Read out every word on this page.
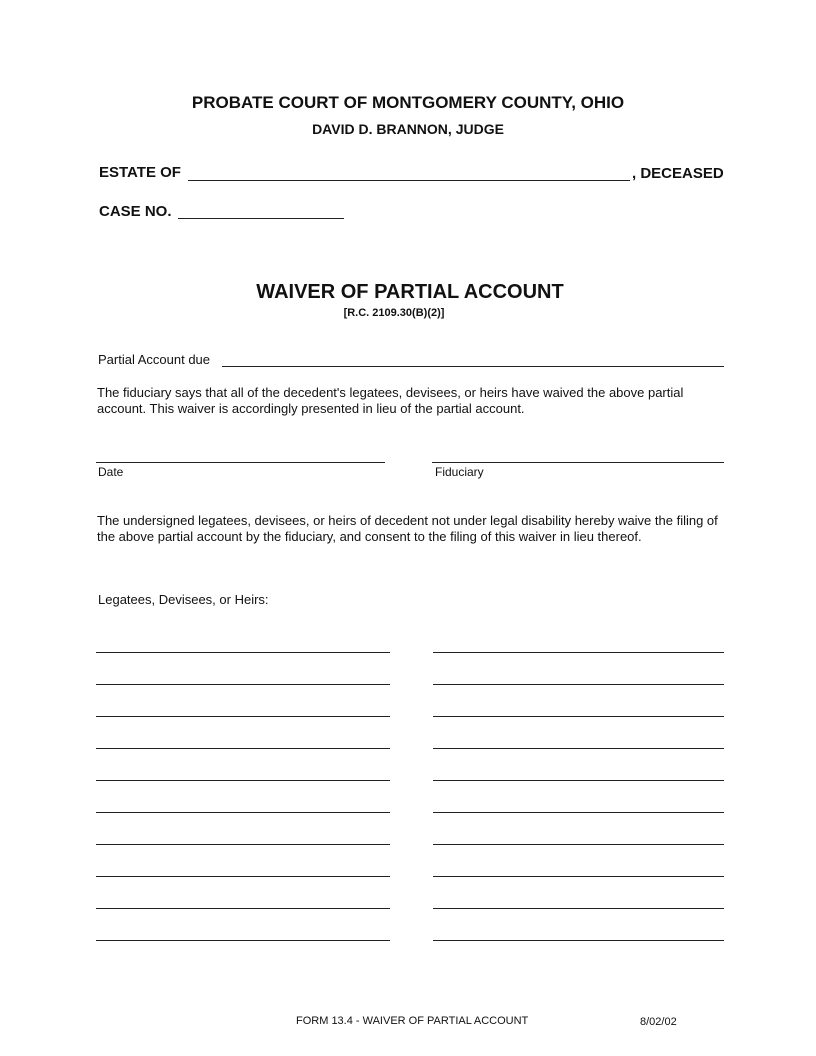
PROBATE COURT OF MONTGOMERY COUNTY, OHIO
DAVID D. BRANNON, JUDGE
ESTATE OF	, DECEASED
CASE NO.
WAIVER OF PARTIAL ACCOUNT
[R.C. 2109.30(B)(2)]
Partial Account due
The fiduciary says that all of the decedent's legatees, devisees, or heirs have waived the above partial account. This waiver is accordingly presented in lieu of the partial account.
Date	Fiduciary
The undersigned legatees, devisees, or heirs of decedent not under legal disability hereby waive the filing of the above partial account by the fiduciary, and consent to the filing of this waiver in lieu thereof.
Legatees, Devisees, or Heirs:
FORM 13.4 - WAIVER OF PARTIAL ACCOUNT	8/02/02
